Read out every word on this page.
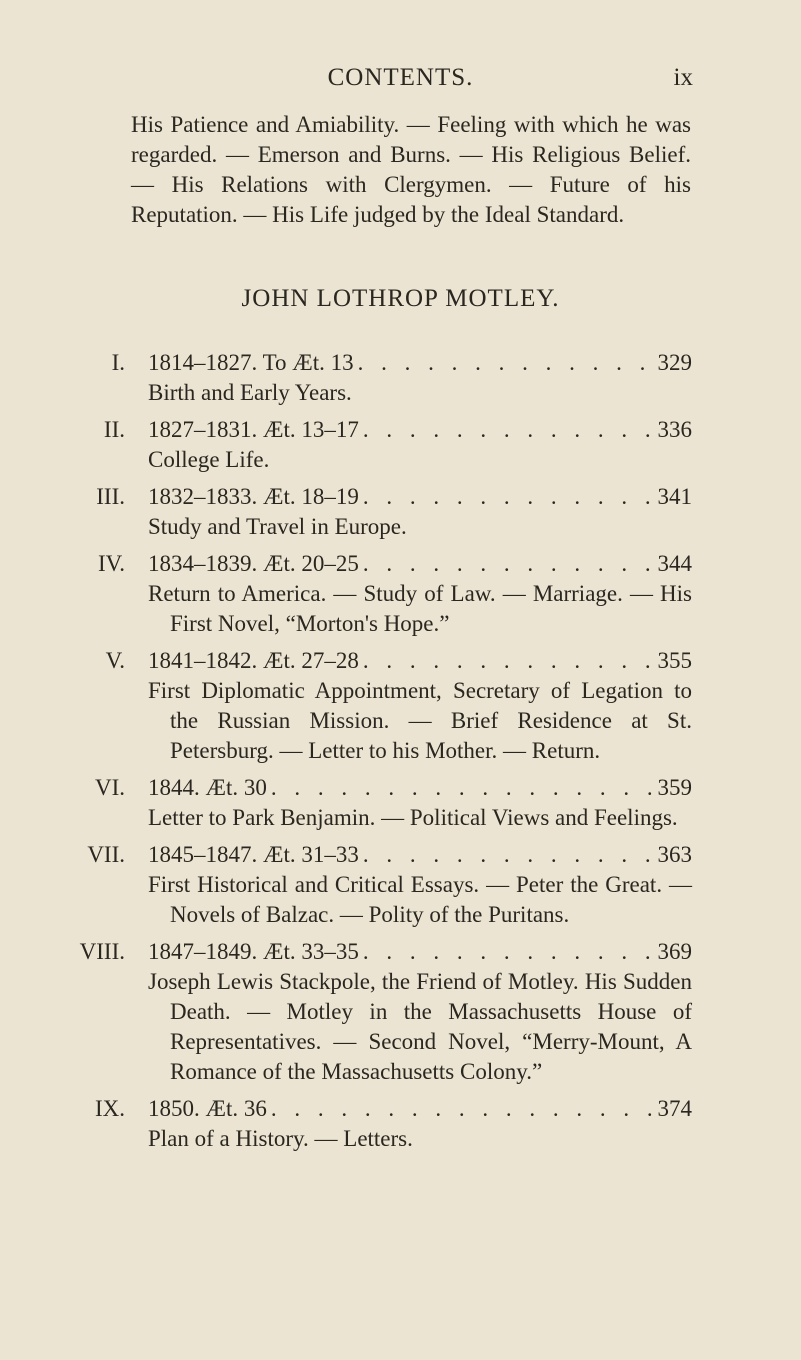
CONTENTS.	ix

His Patience and Amiability. — Feeling with which he was regarded. — Emerson and Burns. — His Religious Belief. — His Relations with Clergymen. — Future of his Reputation. — His Life judged by the Ideal Standard.

JOHN LOTHROP MOTLEY.
I. 1814–1827. To Æt. 13 . . .	329
Birth and Early Years.
II. 1827–1831. Æt. 13–17 . . .	336
College Life.
III. 1832–1833. Æt. 18–19 . . .	341
Study and Travel in Europe.
IV. 1834–1839. Æt. 20–25 . . .	344
Return to America. — Study of Law. — Marriage. — His First Novel, “Morton's Hope.”
V. 1841–1842. Æt. 27–28 . . .	355
First Diplomatic Appointment, Secretary of Legation to the Russian Mission. — Brief Residence at St. Petersburg. — Letter to his Mother. — Return.
VI. 1844. Æt. 30 . . .	359
Letter to Park Benjamin. — Political Views and Feelings.
VII. 1845–1847. Æt. 31–33 . . .	363
First Historical and Critical Essays. — Peter the Great. — Novels of Balzac. — Polity of the Puritans.
VIII. 1847–1849. Æt. 33–35 . . .	369
Joseph Lewis Stackpole, the Friend of Motley. His Sudden Death. — Motley in the Massachusetts House of Representatives. — Second Novel, “Merry-Mount, A Romance of the Massachusetts Colony.”
IX. 1850. Æt. 36 . . .	374
Plan of a History. — Letters.
